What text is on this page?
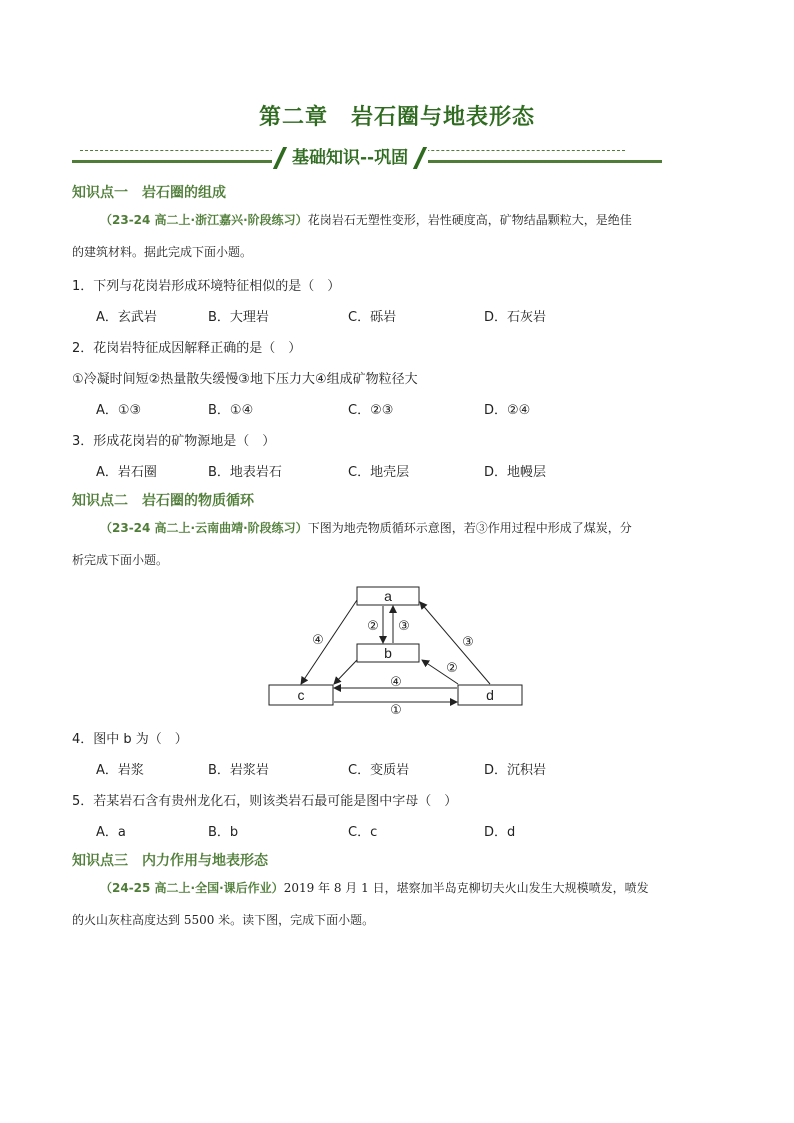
第二章　岩石圈与地表形态
基础知识--巩固
知识点一　岩石圈的组成
（23-24 高二上·浙江嘉兴·阶段练习）花岗岩石无塑性变形，岩性硬度高，矿物结晶颗粒大，是绝佳
的建筑材料。据此完成下面小题。
1．下列与花岗岩形成环境特征相似的是（　）
A．玄武岩	B．大理岩	C．砾岩	D．石灰岩
2．花岗岩特征成因解释正确的是（　）
①冷凝时间短②热量散失缓慢③地下压力大④组成矿物粒径大
A．①③	B．①④	C．②③	D．②④
3．形成花岗岩的矿物源地是（　）
A．岩石圈	B．地表岩石	C．地壳层	D．地幔层
知识点二　岩石圈的物质循环
（23-24 高二上·云南曲靖·阶段练习）下图为地壳物质循环示意图，若③作用过程中形成了煤炭，分
析完成下面小题。
a
b
c	d
④
② ③
③
②
④
①
4．图中 b 为（　）
A．岩浆	B．岩浆岩	C．变质岩	D．沉积岩
5．若某岩石含有贵州龙化石，则该类岩石最可能是图中字母（　）
A．a	B．b	C．c	D．d
知识点三　内力作用与地表形态
（24-25 高二上·全国·课后作业）2019 年 8 月 1 日，堪察加半岛克柳切夫火山发生大规模喷发，喷发
的火山灰柱高度达到 5500 米。读下图，完成下面小题。
